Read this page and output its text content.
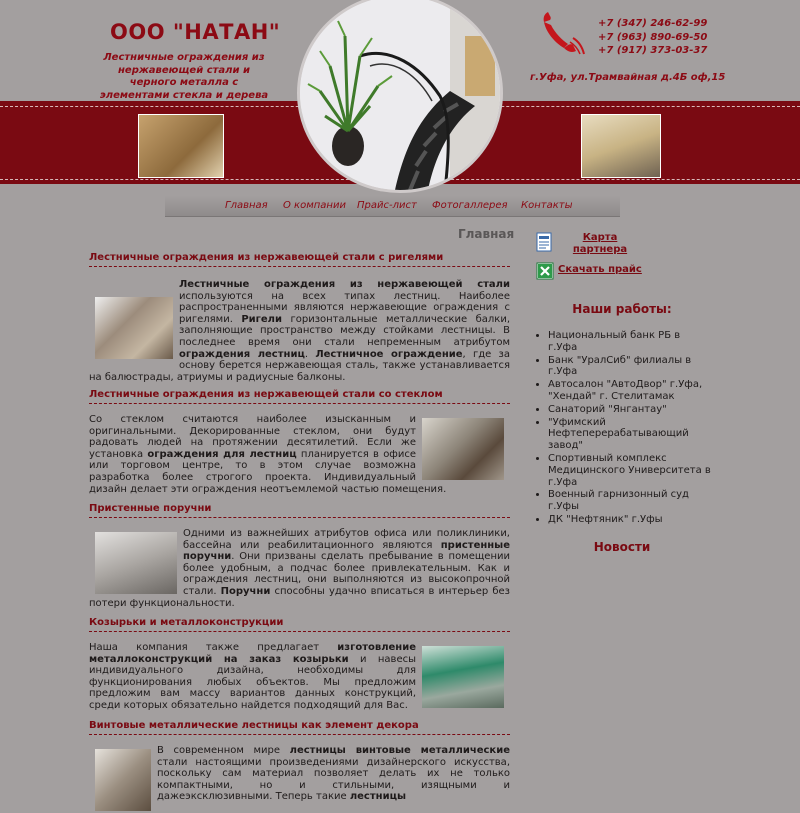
ООО "НАТАН"
Лестничные ограждения из нержавеющей стали и черного металла с элементами стекла и дерева
+7 (347) 246-62-99
+7 (963) 890-69-50
+7 (917) 373-03-37
г.Уфа, ул.Трамвайная д.4Б оф,15
Главная О компании Прайс-лист Фотогаллерея Контакты
Главная
Лестничные ограждения из нержавеющей стали с ригелями
Лестничные ограждения из нержавеющей стали используются на всех типах лестниц. Наиболее распространенными являются нержавеющие ограждения с ригелями. Ригели горизонтальные металлические балки, заполняющие пространство между стойками лестницы. В последнее время они стали непременным атрибутом ограждения лестниц. Лестничное ограждение, где за основу берется нержавеющая сталь, также устанавливается на балюстрады, атриумы и радиусные балконы.
Лестничные ограждения из нержавеющей стали со стеклом
Со стеклом считаются наиболее изысканным и оригинальными. Декорированные стеклом, они будут радовать людей на протяжении десятилетий. Если же установка ограждения для лестниц планируется в офисе или торговом центре, то в этом случае возможна разработка более строгого проекта. Индивидуальный дизайн делает эти ограждения неотъемлемой частью помещения.
Пристенные поручни
Одними из важнейших атрибутов офиса или поликлиники, бассейна или реабилитационного являются пристенные поручни. Они призваны сделать пребывание в помещении более удобным, а подчас более привлекательным. Как и ограждения лестниц, они выполняются из высокопрочной стали. Поручни способны удачно вписаться в интерьер без потери функциональности.
Козырьки и металлоконструкции
Наша компания также предлагает изготовление металлоконструкций на заказ козырьки и навесы индивидуального дизайна, необходимы для функционирования любых объектов. Мы предложим предложим вам массу вариантов данных конструкций, среди которых обязательно найдется подходящий для Вас.
Винтовые металлические лестницы как элемент декора
В современном мире лестницы винтовые металлические стали настоящими произведениями дизайнерского искусства, поскольку сам материал позволяет делать их не только компактными, но и стильными, изящными и дажеэксклюзивными. Теперь такие лестницы
Карта партнера
Скачать прайс
Наши работы:
• Национальный банк РБ в г.Уфа
• Банк "УралСиб" филиалы в г.Уфа
• Автосалон "АвтоДвор" г.Уфа, "Хендай" г. Стелитамак
• Санаторий "Янгантау"
• "Уфимский Нефтеперерабатывающий завод"
• Спортивный комплекс Медицинского Университета в г.Уфа
• Военный гарнизонный суд г.Уфы
• ДК "Нефтяник" г.Уфы
Новости
